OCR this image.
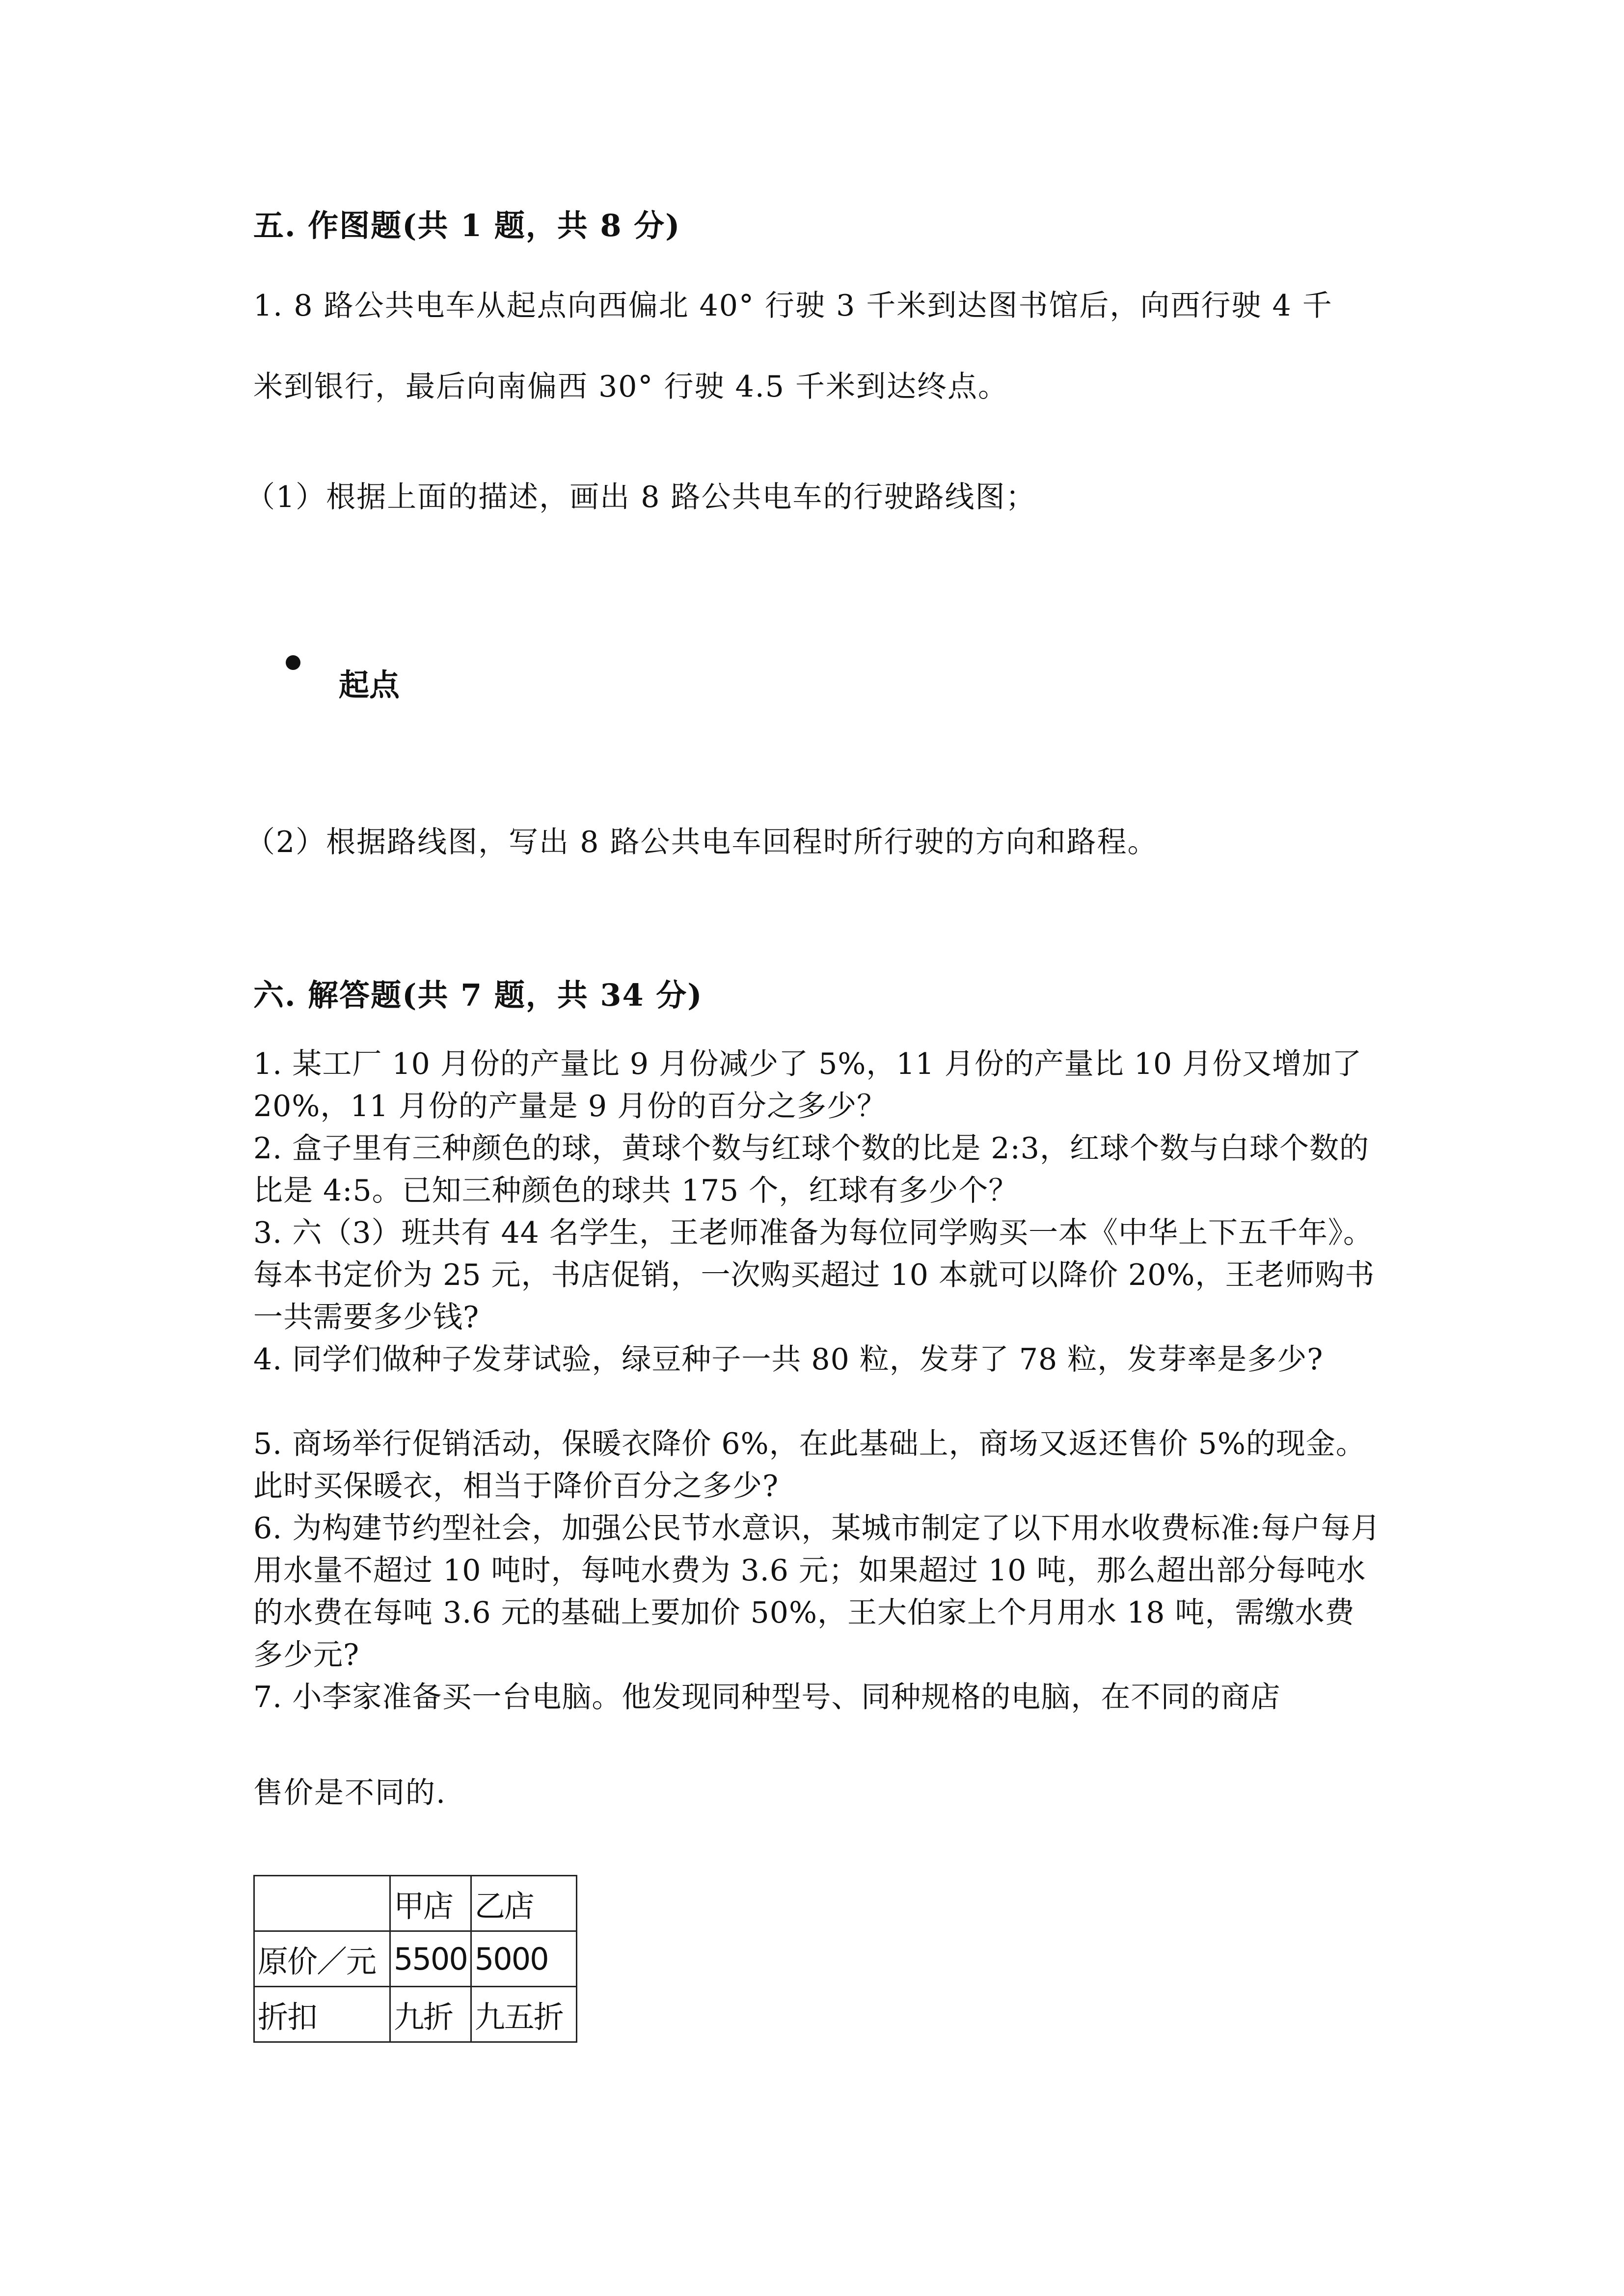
五. 作图题(共 1 题，共 8 分)
1. 8 路公共电车从起点向西偏北 40° 行驶 3 千米到达图书馆后，向西行驶 4 千
米到银行，最后向南偏西 30° 行驶 4.5 千米到达终点。
（1）根据上面的描述，画出 8 路公共电车的行驶路线图；
起点
（2）根据路线图，写出 8 路公共电车回程时所行驶的方向和路程。
六. 解答题(共 7 题，共 34 分)
1. 某工厂 10 月份的产量比 9 月份减少了 5%，11 月份的产量比 10 月份又增加了 20%，11 月份的产量是 9 月份的百分之多少？
2. 盒子里有三种颜色的球，黄球个数与红球个数的比是 2:3，红球个数与白球个数的比是 4:5。已知三种颜色的球共 175 个，红球有多少个？
3. 六（3）班共有 44 名学生，王老师准备为每位同学购买一本《中华上下五千年》。每本书定价为 25 元，书店促销，一次购买超过 10 本就可以降价 20%，王老师购书一共需要多少钱?
4. 同学们做种子发芽试验，绿豆种子一共 80 粒，发芽了 78 粒，发芽率是多少?
5. 商场举行促销活动，保暖衣降价 6%，在此基础上，商场又返还售价 5%的现金。此时买保暖衣，相当于降价百分之多少?
6. 为构建节约型社会，加强公民节水意识，某城市制定了以下用水收费标准:每户每月用水量不超过 10 吨时，每吨水费为 3.6 元；如果超过 10 吨，那么超出部分每吨水的水费在每吨 3.6 元的基础上要加价 50%，王大伯家上个月用水 18 吨，需缴水费多少元?
7. 小李家准备买一台电脑。他发现同种型号、同种规格的电脑，在不同的商店
售价是不同的.
	甲店	乙店
原价／元	5500	5000
折扣	九折	九五折
